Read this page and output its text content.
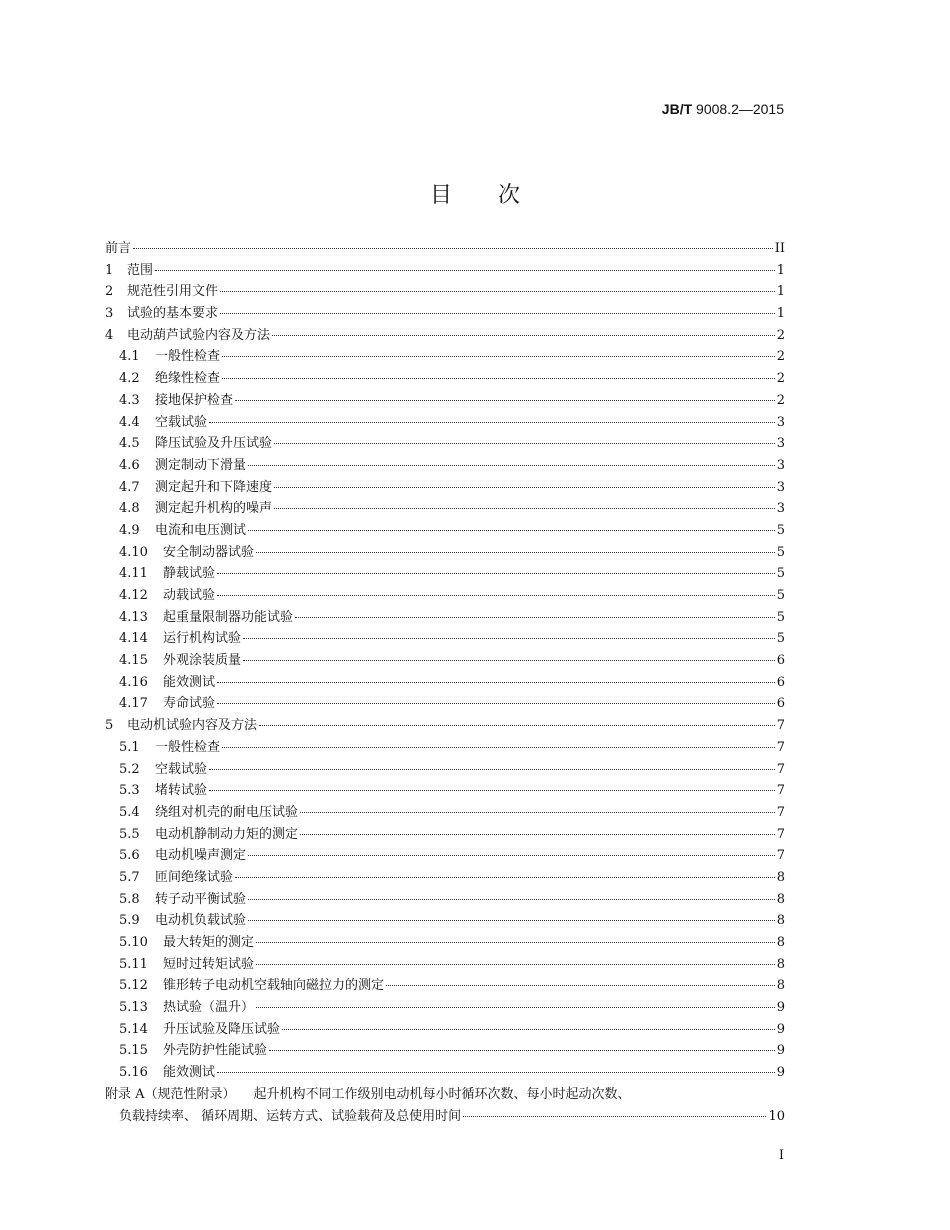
JB/T 9008.2—2015
目 次
前言	II
1	范围	1
2	规范性引用文件	1
3	试验的基本要求	1
4	电动葫芦试验内容及方法	2
4.1	一般性检查	2
4.2	绝缘性检查	2
4.3	接地保护检查	2
4.4	空载试验	3
4.5	降压试验及升压试验	3
4.6	测定制动下滑量	3
4.7	测定起升和下降速度	3
4.8	测定起升机构的噪声	3
4.9	电流和电压测试	5
4.10	安全制动器试验	5
4.11	静载试验	5
4.12	动载试验	5
4.13	起重量限制器功能试验	5
4.14	运行机构试验	5
4.15	外观涂装质量	6
4.16	能效测试	6
4.17	寿命试验	6
5	电动机试验内容及方法	7
5.1	一般性检查	7
5.2	空载试验	7
5.3	堵转试验	7
5.4	绕组对机壳的耐电压试验	7
5.5	电动机静制动力矩的测定	7
5.6	电动机噪声测定	7
5.7	匝间绝缘试验	8
5.8	转子动平衡试验	8
5.9	电动机负载试验	8
5.10	最大转矩的测定	8
5.11	短时过转矩试验	8
5.12	锥形转子电动机空载轴向磁拉力的测定	8
5.13	热试验（温升）	9
5.14	升压试验及降压试验	9
5.15	外壳防护性能试验	9
5.16	能效测试	9
附录 A（规范性附录） 起升机构不同工作级别电动机每小时循环次数、每小时起动次数、
负载持续率、 循环周期、运转方式、试验载荷及总使用时间	10
I
